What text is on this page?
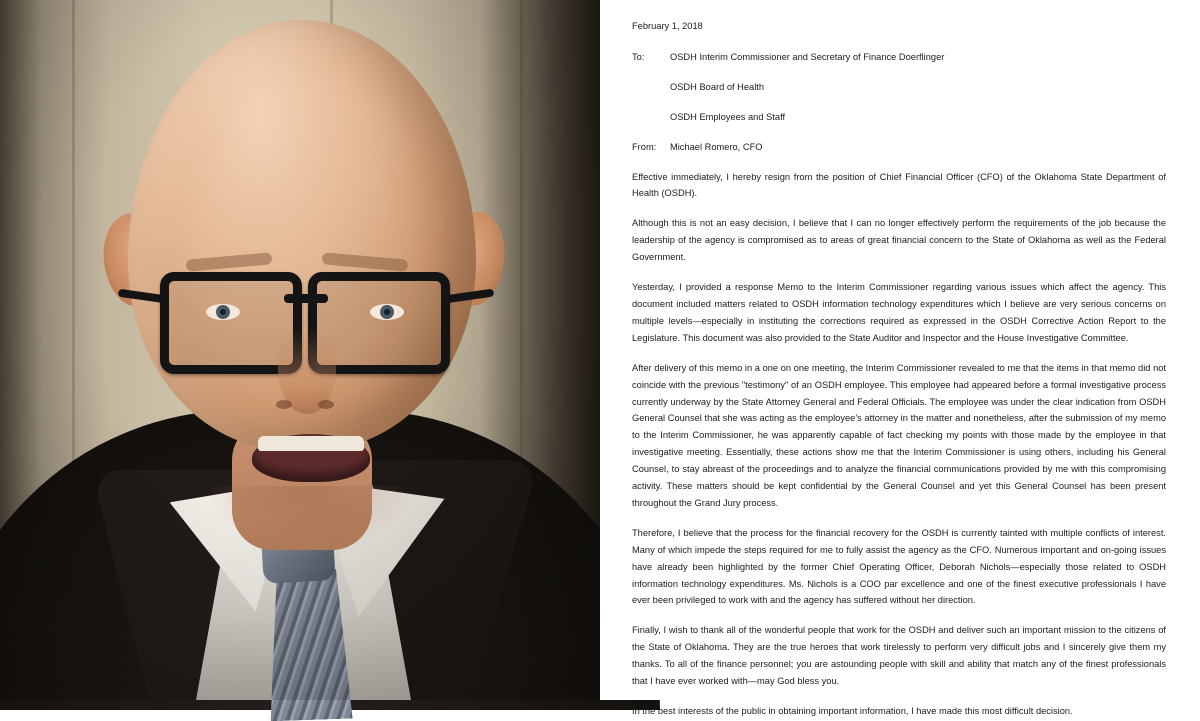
February 1, 2018
To:	OSDH Interim Commissioner and Secretary of Finance Doerflinger
OSDH Board of Health
OSDH Employees and Staff
From:	Michael Romero, CFO

Effective immediately, I hereby resign from the position of Chief Financial Officer (CFO) of the Oklahoma State Department of Health (OSDH).

Although this is not an easy decision, I believe that I can no longer effectively perform the requirements of the job because the leadership of the agency is compromised as to areas of great financial concern to the State of Oklahoma as well as the Federal Government.

Yesterday, I provided a response Memo to the Interim Commissioner regarding various issues which affect the agency. This document included matters related to OSDH information technology expenditures which I believe are very serious concerns on multiple levels—especially in instituting the corrections required as expressed in the OSDH Corrective Action Report to the Legislature. This document was also provided to the State Auditor and Inspector and the House Investigative Committee.

After delivery of this memo in a one on one meeting, the Interim Commissioner revealed to me that the items in that memo did not coincide with the previous "testimony" of an OSDH employee. This employee had appeared before a formal investigative process currently underway by the State Attorney General and Federal Officials. The employee was under the clear indication from OSDH General Counsel that she was acting as the employee's attorney in the matter and nonetheless, after the submission of my memo to the Interim Commissioner, he was apparently capable of fact checking my points with those made by the employee in that investigative meeting. Essentially, these actions show me that the Interim Commissioner is using others, including his General Counsel, to stay abreast of the proceedings and to analyze the financial communications provided by me with this compromising activity. These matters should be kept confidential by the General Counsel and yet this General Counsel has been present throughout the Grand Jury process.

Therefore, I believe that the process for the financial recovery for the OSDH is currently tainted with multiple conflicts of interest. Many of which impede the steps required for me to fully assist the agency as the CFO. Numerous important and on-going issues have already been highlighted by the former Chief Operating Officer, Deborah Nichols—especially those related to OSDH information technology expenditures. Ms. Nichols is a COO par excellence and one of the finest executive professionals I have ever been privileged to work with and the agency has suffered without her direction.

Finally, I wish to thank all of the wonderful people that work for the OSDH and deliver such an important mission to the citizens of the State of Oklahoma. They are the true heroes that work tirelessly to perform very difficult jobs and I sincerely give them my thanks. To all of the finance personnel; you are astounding people with skill and ability that match any of the finest professionals that I have ever worked with—may God bless you.

In the best interests of the public in obtaining important information, I have made this most difficult decision.
